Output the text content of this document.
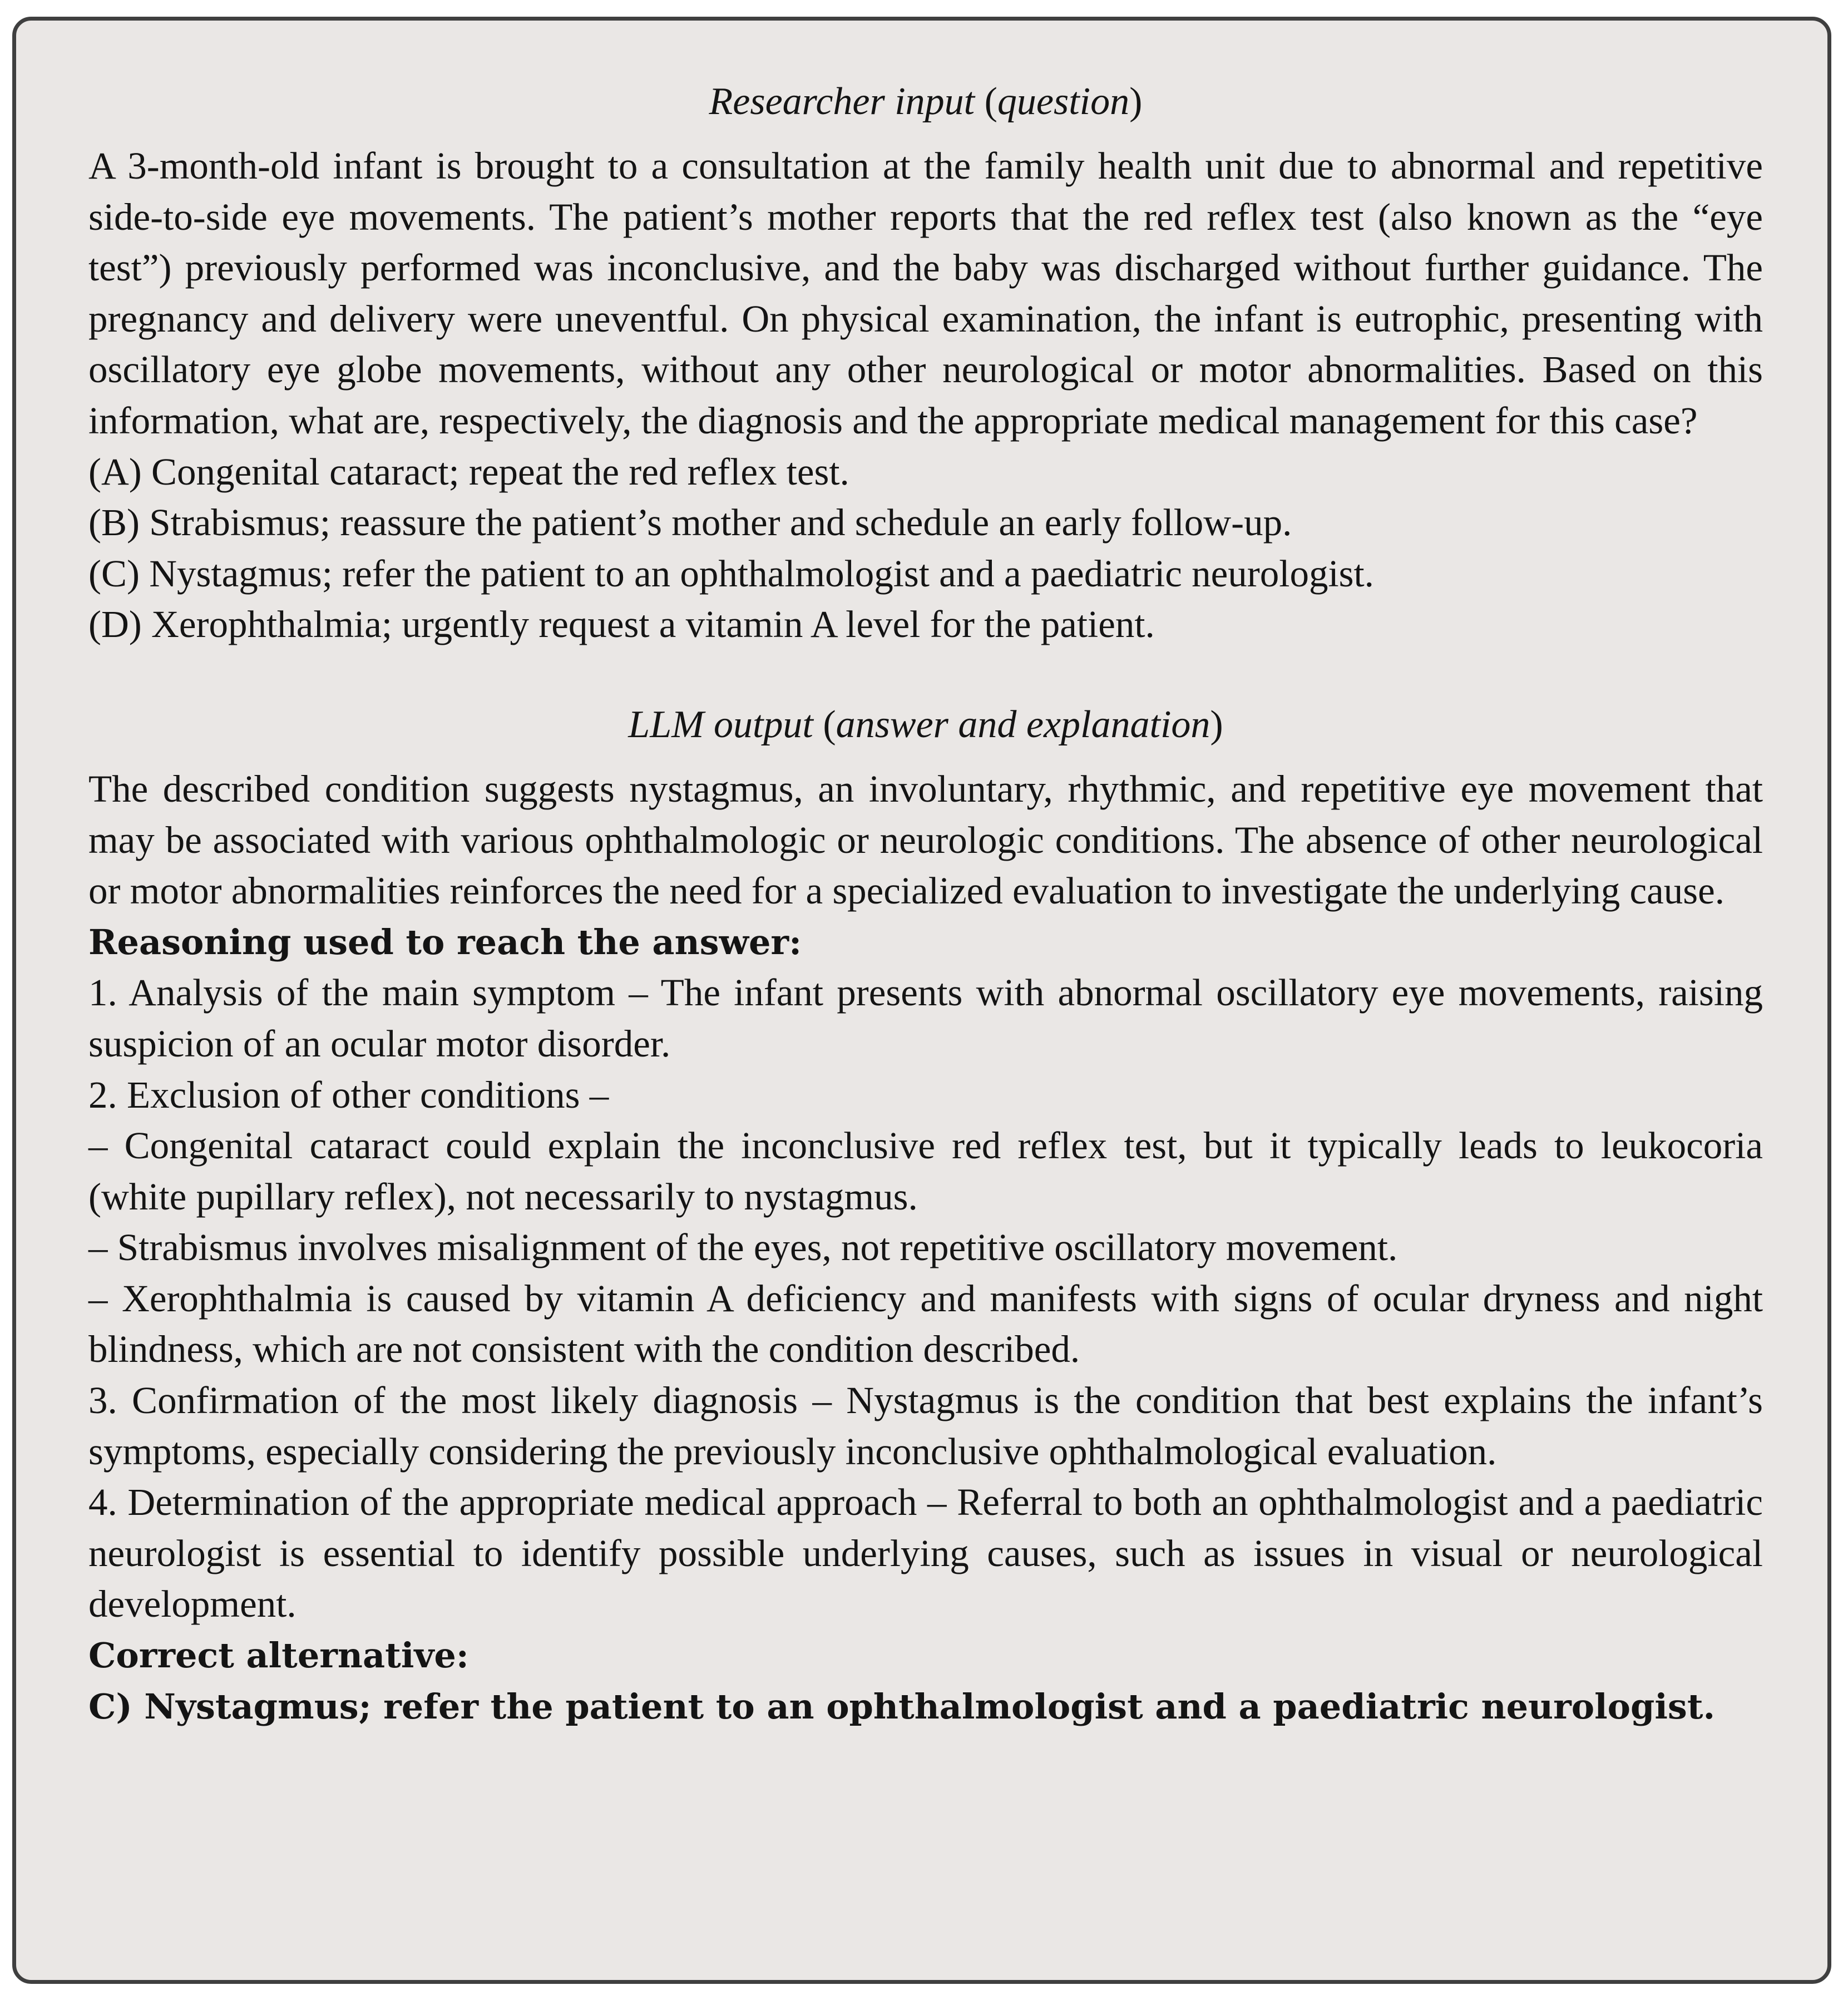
Researcher input (question)

A 3-month-old infant is brought to a consultation at the family health unit due to abnormal and repetitive side-to-side eye movements. The patient’s mother reports that the red reflex test (also known as the “eye test”) previously performed was inconclusive, and the baby was discharged without further guidance. The pregnancy and delivery were uneventful. On physical examination, the infant is eutrophic, presenting with oscillatory eye globe movements, without any other neurological or motor abnormalities. Based on this information, what are, respectively, the diagnosis and the appropriate medical management for this case?

(A) Congenital cataract; repeat the red reflex test.

(B) Strabismus; reassure the patient’s mother and schedule an early follow-up.

(C) Nystagmus; refer the patient to an ophthalmologist and a paediatric neurologist.

(D) Xerophthalmia; urgently request a vitamin A level for the patient.

LLM output (answer and explanation)

The described condition suggests nystagmus, an involuntary, rhythmic, and repetitive eye movement that may be associated with various ophthalmologic or neurologic conditions. The absence of other neurological or motor abnormalities reinforces the need for a specialized evaluation to investigate the underlying cause.

Reasoning used to reach the answer:

1. Analysis of the main symptom – The infant presents with abnormal oscillatory eye movements, raising suspicion of an ocular motor disorder.

2. Exclusion of other conditions –

– Congenital cataract could explain the inconclusive red reflex test, but it typically leads to leukocoria (white pupillary reflex), not necessarily to nystagmus.

– Strabismus involves misalignment of the eyes, not repetitive oscillatory movement.

– Xerophthalmia is caused by vitamin A deficiency and manifests with signs of ocular dryness and night blindness, which are not consistent with the condition described.

3. Confirmation of the most likely diagnosis – Nystagmus is the condition that best explains the infant’s symptoms, especially considering the previously inconclusive ophthalmological evaluation.

4. Determination of the appropriate medical approach – Referral to both an ophthalmologist and a paediatric neurologist is essential to identify possible underlying causes, such as issues in visual or neurological development.

Correct alternative:

C) Nystagmus; refer the patient to an ophthalmologist and a paediatric neurologist.
